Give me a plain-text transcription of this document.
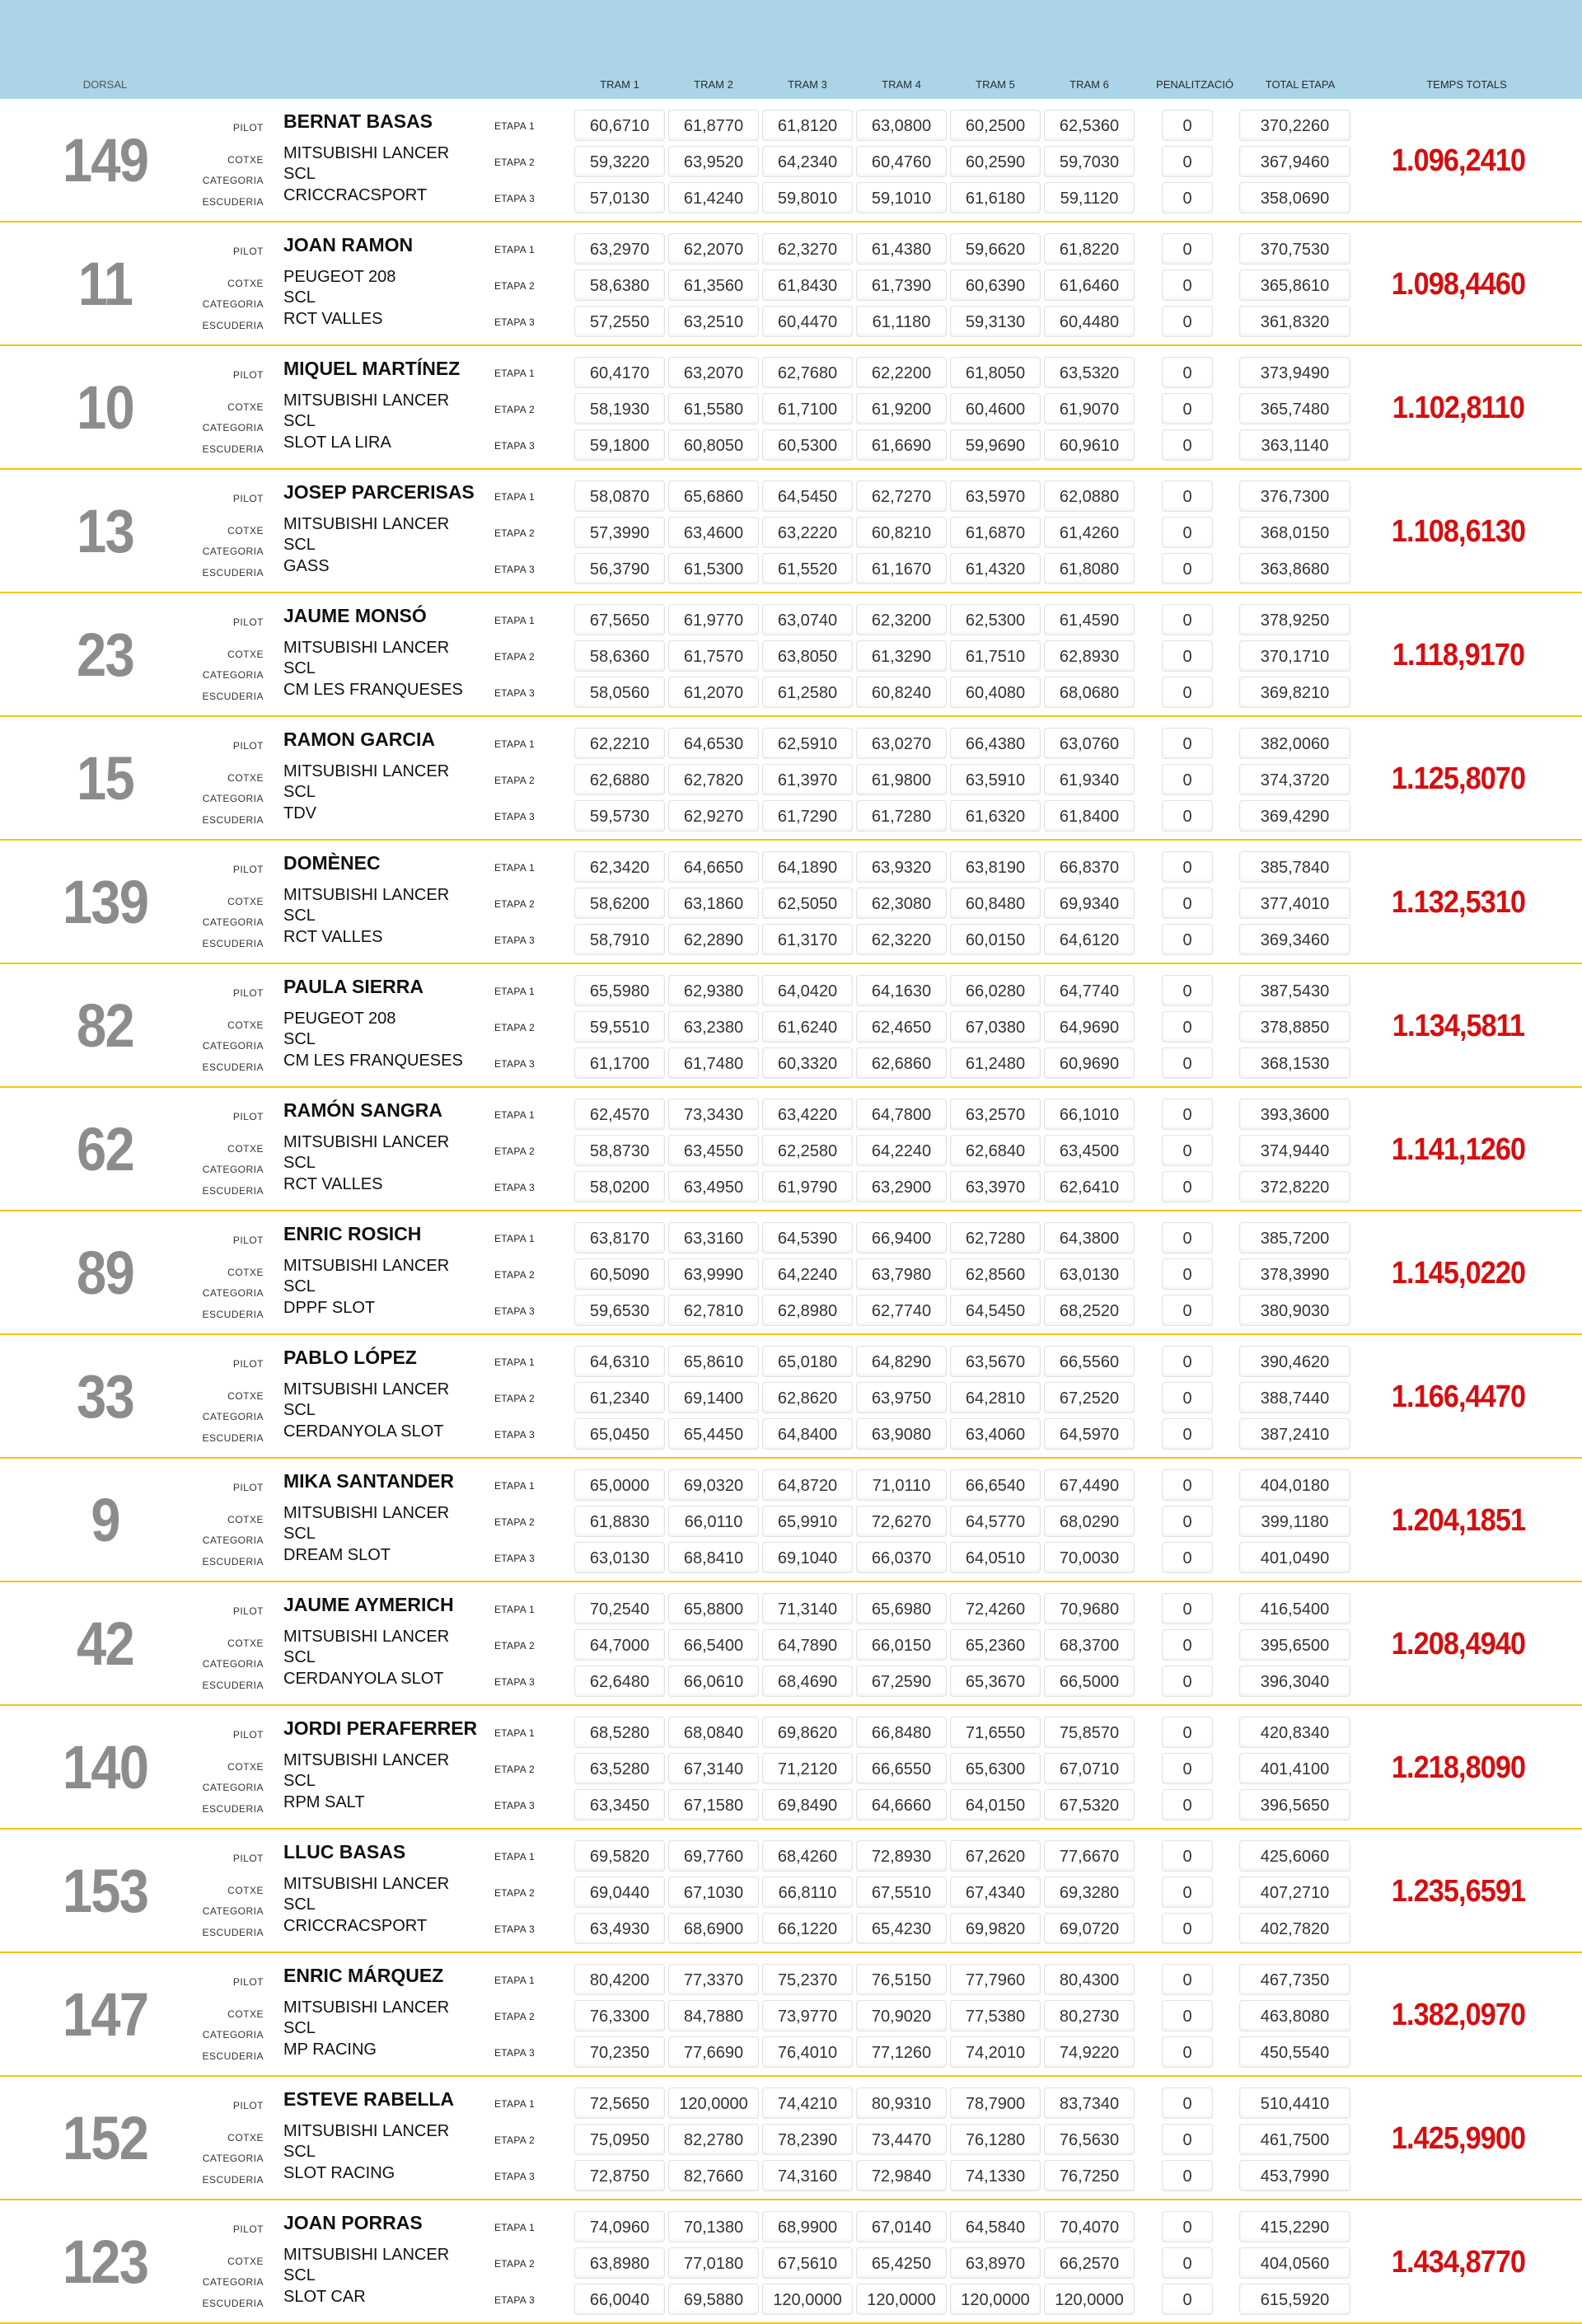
DORSAL	TRAM 1	TRAM 2	TRAM 3	TRAM 4	TRAM 5	TRAM 6	PENALITZACIÓ	TOTAL ETAPA	TEMPS TOTALS
149	PILOT BERNAT BASAS
COTXE MITSUBISHI LANCER
CATEGORIA SCL
ESCUDERIA CRICCRACSPORT
ETAPA 1	60,6710	61,8770	61,8120	63,0800	60,2500	62,5360	0	370,2260
ETAPA 2	59,3220	63,9520	64,2340	60,4760	60,2590	59,7030	0	367,9460
ETAPA 3	57,0130	61,4240	59,8010	59,1010	61,6180	59,1120	0	358,0690
1.096,2410
11	PILOT JOAN RAMON
COTXE PEUGEOT 208
CATEGORIA SCL
ESCUDERIA RCT VALLES
ETAPA 1	63,2970	62,2070	62,3270	61,4380	59,6620	61,8220	0	370,7530
ETAPA 2	58,6380	61,3560	61,8430	61,7390	60,6390	61,6460	0	365,8610
ETAPA 3	57,2550	63,2510	60,4470	61,1180	59,3130	60,4480	0	361,8320
1.098,4460
10	PILOT MIQUEL MARTÍNEZ
COTXE MITSUBISHI LANCER
CATEGORIA SCL
ESCUDERIA SLOT LA LIRA
ETAPA 1	60,4170	63,2070	62,7680	62,2200	61,8050	63,5320	0	373,9490
ETAPA 2	58,1930	61,5580	61,7100	61,9200	60,4600	61,9070	0	365,7480
ETAPA 3	59,1800	60,8050	60,5300	61,6690	59,9690	60,9610	0	363,1140
1.102,8110
13	PILOT JOSEP PARCERISAS
COTXE MITSUBISHI LANCER
CATEGORIA SCL
ESCUDERIA GASS
ETAPA 1	58,0870	65,6860	64,5450	62,7270	63,5970	62,0880	0	376,7300
ETAPA 2	57,3990	63,4600	63,2220	60,8210	61,6870	61,4260	0	368,0150
ETAPA 3	56,3790	61,5300	61,5520	61,1670	61,4320	61,8080	0	363,8680
1.108,6130
23	PILOT JAUME MONSÓ
COTXE MITSUBISHI LANCER
CATEGORIA SCL
ESCUDERIA CM LES FRANQUESES
ETAPA 1	67,5650	61,9770	63,0740	62,3200	62,5300	61,4590	0	378,9250
ETAPA 2	58,6360	61,7570	63,8050	61,3290	61,7510	62,8930	0	370,1710
ETAPA 3	58,0560	61,2070	61,2580	60,8240	60,4080	68,0680	0	369,8210
1.118,9170
15	PILOT RAMON GARCIA
COTXE MITSUBISHI LANCER
CATEGORIA SCL
ESCUDERIA TDV
ETAPA 1	62,2210	64,6530	62,5910	63,0270	66,4380	63,0760	0	382,0060
ETAPA 2	62,6880	62,7820	61,3970	61,9800	63,5910	61,9340	0	374,3720
ETAPA 3	59,5730	62,9270	61,7290	61,7280	61,6320	61,8400	0	369,4290
1.125,8070
139	PILOT DOMÈNEC
COTXE MITSUBISHI LANCER
CATEGORIA SCL
ESCUDERIA RCT VALLES
ETAPA 1	62,3420	64,6650	64,1890	63,9320	63,8190	66,8370	0	385,7840
ETAPA 2	58,6200	63,1860	62,5050	62,3080	60,8480	69,9340	0	377,4010
ETAPA 3	58,7910	62,2890	61,3170	62,3220	60,0150	64,6120	0	369,3460
1.132,5310
82	PILOT PAULA SIERRA
COTXE PEUGEOT 208
CATEGORIA SCL
ESCUDERIA CM LES FRANQUESES
ETAPA 1	65,5980	62,9380	64,0420	64,1630	66,0280	64,7740	0	387,5430
ETAPA 2	59,5510	63,2380	61,6240	62,4650	67,0380	64,9690	0	378,8850
ETAPA 3	61,1700	61,7480	60,3320	62,6860	61,2480	60,9690	0	368,1530
1.134,5811
62	PILOT RAMÓN SANGRA
COTXE MITSUBISHI LANCER
CATEGORIA SCL
ESCUDERIA RCT VALLES
ETAPA 1	62,4570	73,3430	63,4220	64,7800	63,2570	66,1010	0	393,3600
ETAPA 2	58,8730	63,4550	62,2580	64,2240	62,6840	63,4500	0	374,9440
ETAPA 3	58,0200	63,4950	61,9790	63,2900	63,3970	62,6410	0	372,8220
1.141,1260
89	PILOT ENRIC ROSICH
COTXE MITSUBISHI LANCER
CATEGORIA SCL
ESCUDERIA DPPF SLOT
ETAPA 1	63,8170	63,3160	64,5390	66,9400	62,7280	64,3800	0	385,7200
ETAPA 2	60,5090	63,9990	64,2240	63,7980	62,8560	63,0130	0	378,3990
ETAPA 3	59,6530	62,7810	62,8980	62,7740	64,5450	68,2520	0	380,9030
1.145,0220
33	PILOT PABLO LÓPEZ
COTXE MITSUBISHI LANCER
CATEGORIA SCL
ESCUDERIA CERDANYOLA SLOT
ETAPA 1	64,6310	65,8610	65,0180	64,8290	63,5670	66,5560	0	390,4620
ETAPA 2	61,2340	69,1400	62,8620	63,9750	64,2810	67,2520	0	388,7440
ETAPA 3	65,0450	65,4450	64,8400	63,9080	63,4060	64,5970	0	387,2410
1.166,4470
9	PILOT MIKA SANTANDER
COTXE MITSUBISHI LANCER
CATEGORIA SCL
ESCUDERIA DREAM SLOT
ETAPA 1	65,0000	69,0320	64,8720	71,0110	66,6540	67,4490	0	404,0180
ETAPA 2	61,8830	66,0110	65,9910	72,6270	64,5770	68,0290	0	399,1180
ETAPA 3	63,0130	68,8410	69,1040	66,0370	64,0510	70,0030	0	401,0490
1.204,1851
42	PILOT JAUME AYMERICH
COTXE MITSUBISHI LANCER
CATEGORIA SCL
ESCUDERIA CERDANYOLA SLOT
ETAPA 1	70,2540	65,8800	71,3140	65,6980	72,4260	70,9680	0	416,5400
ETAPA 2	64,7000	66,5400	64,7890	66,0150	65,2360	68,3700	0	395,6500
ETAPA 3	62,6480	66,0610	68,4690	67,2590	65,3670	66,5000	0	396,3040
1.208,4940
140	PILOT JORDI PERAFERRER
COTXE MITSUBISHI LANCER
CATEGORIA SCL
ESCUDERIA RPM SALT
ETAPA 1	68,5280	68,0840	69,8620	66,8480	71,6550	75,8570	0	420,8340
ETAPA 2	63,5280	67,3140	71,2120	66,6550	65,6300	67,0710	0	401,4100
ETAPA 3	63,3450	67,1580	69,8490	64,6660	64,0150	67,5320	0	396,5650
1.218,8090
153	PILOT LLUC BASAS
COTXE MITSUBISHI LANCER
CATEGORIA SCL
ESCUDERIA CRICCRACSPORT
ETAPA 1	69,5820	69,7760	68,4260	72,8930	67,2620	77,6670	0	425,6060
ETAPA 2	69,0440	67,1030	66,8110	67,5510	67,4340	69,3280	0	407,2710
ETAPA 3	63,4930	68,6900	66,1220	65,4230	69,9820	69,0720	0	402,7820
1.235,6591
147	PILOT ENRIC MÁRQUEZ
COTXE MITSUBISHI LANCER
CATEGORIA SCL
ESCUDERIA MP RACING
ETAPA 1	80,4200	77,3370	75,2370	76,5150	77,7960	80,4300	0	467,7350
ETAPA 2	76,3300	84,7880	73,9770	70,9020	77,5380	80,2730	0	463,8080
ETAPA 3	70,2350	77,6690	76,4010	77,1260	74,2010	74,9220	0	450,5540
1.382,0970
152	PILOT ESTEVE RABELLA
COTXE MITSUBISHI LANCER
CATEGORIA SCL
ESCUDERIA SLOT RACING
ETAPA 1	72,5650	120,0000	74,4210	80,9310	78,7900	83,7340	0	510,4410
ETAPA 2	75,0950	82,2780	78,2390	73,4470	76,1280	76,5630	0	461,7500
ETAPA 3	72,8750	82,7660	74,3160	72,9840	74,1330	76,7250	0	453,7990
1.425,9900
123	PILOT JOAN PORRAS
COTXE MITSUBISHI LANCER
CATEGORIA SCL
ESCUDERIA SLOT CAR
ETAPA 1	74,0960	70,1380	68,9900	67,0140	64,5840	70,4070	0	415,2290
ETAPA 2	63,8980	77,0180	67,5610	65,4250	63,8970	66,2570	0	404,0560
ETAPA 3	66,0040	69,5880	120,0000	120,0000	120,0000	120,0000	0	615,5920
1.434,8770
